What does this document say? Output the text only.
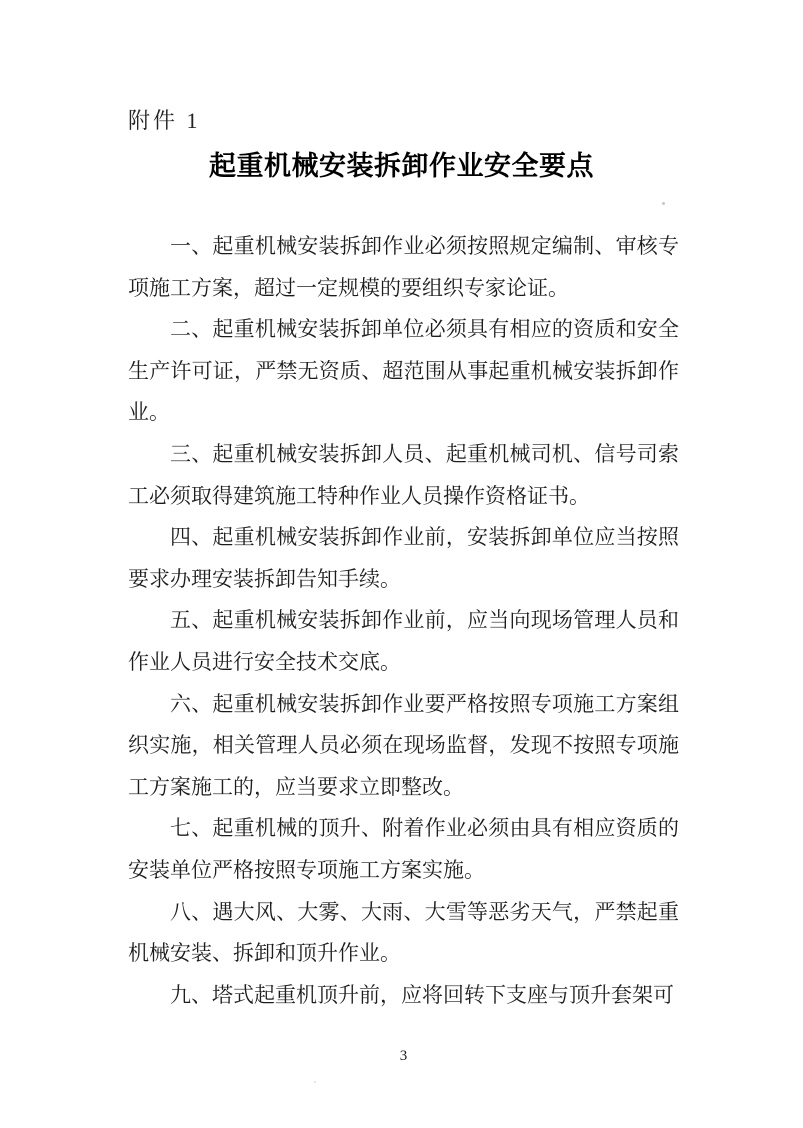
附件 1
起重机械安装拆卸作业安全要点

一、起重机械安装拆卸作业必须按照规定编制、审核专项施工方案，超过一定规模的要组织专家论证。

二、起重机械安装拆卸单位必须具有相应的资质和安全生产许可证，严禁无资质、超范围从事起重机械安装拆卸作业。

三、起重机械安装拆卸人员、起重机械司机、信号司索工必须取得建筑施工特种作业人员操作资格证书。

四、起重机械安装拆卸作业前，安装拆卸单位应当按照要求办理安装拆卸告知手续。

五、起重机械安装拆卸作业前，应当向现场管理人员和作业人员进行安全技术交底。

六、起重机械安装拆卸作业要严格按照专项施工方案组织实施，相关管理人员必须在现场监督，发现不按照专项施工方案施工的，应当要求立即整改。

七、起重机械的顶升、附着作业必须由具有相应资质的安装单位严格按照专项施工方案实施。

八、遇大风、大雾、大雨、大雪等恶劣天气，严禁起重机械安装、拆卸和顶升作业。

九、塔式起重机顶升前，应将回转下支座与顶升套架可

3
